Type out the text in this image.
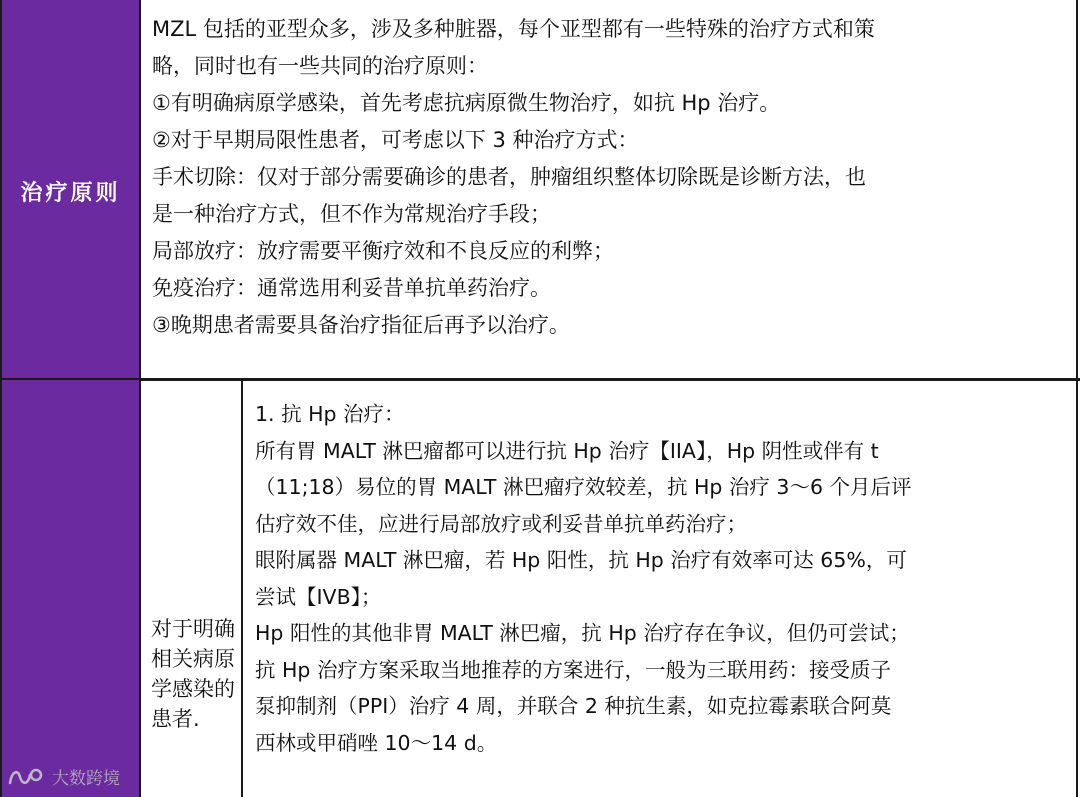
治疗原则
MZL 包括的亚型众多，涉及多种脏器，每个亚型都有一些特殊的治疗方式和策
略，同时也有一些共同的治疗原则：
①有明确病原学感染，首先考虑抗病原微生物治疗，如抗 Hp 治疗。
②对于早期局限性患者，可考虑以下 3 种治疗方式：
手术切除：仅对于部分需要确诊的患者，肿瘤组织整体切除既是诊断方法，也
是一种治疗方式，但不作为常规治疗手段；
局部放疗：放疗需要平衡疗效和不良反应的利弊；
免疫治疗：通常选用利妥昔单抗单药治疗。
③晚期患者需要具备治疗指征后再予以治疗。
对于明确相关病原学感染的患者.
1. 抗 Hp 治疗：
所有胃 MALT 淋巴瘤都可以进行抗 Hp 治疗【IIA】，Hp 阴性或伴有 t
（11;18）易位的胃 MALT 淋巴瘤疗效较差，抗 Hp 治疗 3～6 个月后评
估疗效不佳，应进行局部放疗或利妥昔单抗单药治疗；
眼附属器 MALT 淋巴瘤，若 Hp 阳性，抗 Hp 治疗有效率可达 65%，可
尝试【IVB】；
Hp 阳性的其他非胃 MALT 淋巴瘤，抗 Hp 治疗存在争议，但仍可尝试；
抗 Hp 治疗方案采取当地推荐的方案进行，一般为三联用药：接受质子
泵抑制剂（PPI）治疗 4 周，并联合 2 种抗生素，如克拉霉素联合阿莫
西林或甲硝唑 10～14 d。
大数跨境
